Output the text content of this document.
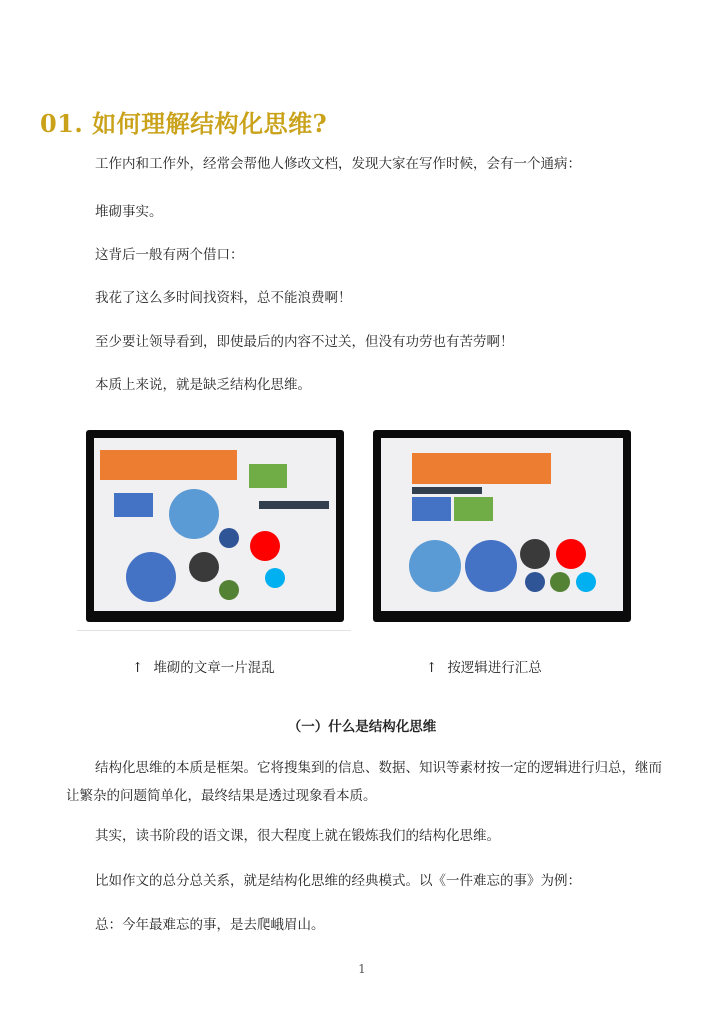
01. 如何理解结构化思维?
工作内和工作外，经常会帮他人修改文档，发现大家在写作时候，会有一个通病：
堆砌事实。
这背后一般有两个借口：
我花了这么多时间找资料，总不能浪费啊！
至少要让领导看到，即使最后的内容不过关，但没有功劳也有苦劳啊！
本质上来说，就是缺乏结构化思维。
↑ 堆砌的文章一片混乱	↑ 按逻辑进行汇总
（一）什么是结构化思维
结构化思维的本质是框架。它将搜集到的信息、数据、知识等素材按一定的逻辑进行归总，继而让繁杂的问题简单化，最终结果是透过现象看本质。
其实，读书阶段的语文课，很大程度上就在锻炼我们的结构化思维。
比如作文的总分总关系，就是结构化思维的经典模式。以《一件难忘的事》为例：
总：今年最难忘的事，是去爬峨眉山。
1
